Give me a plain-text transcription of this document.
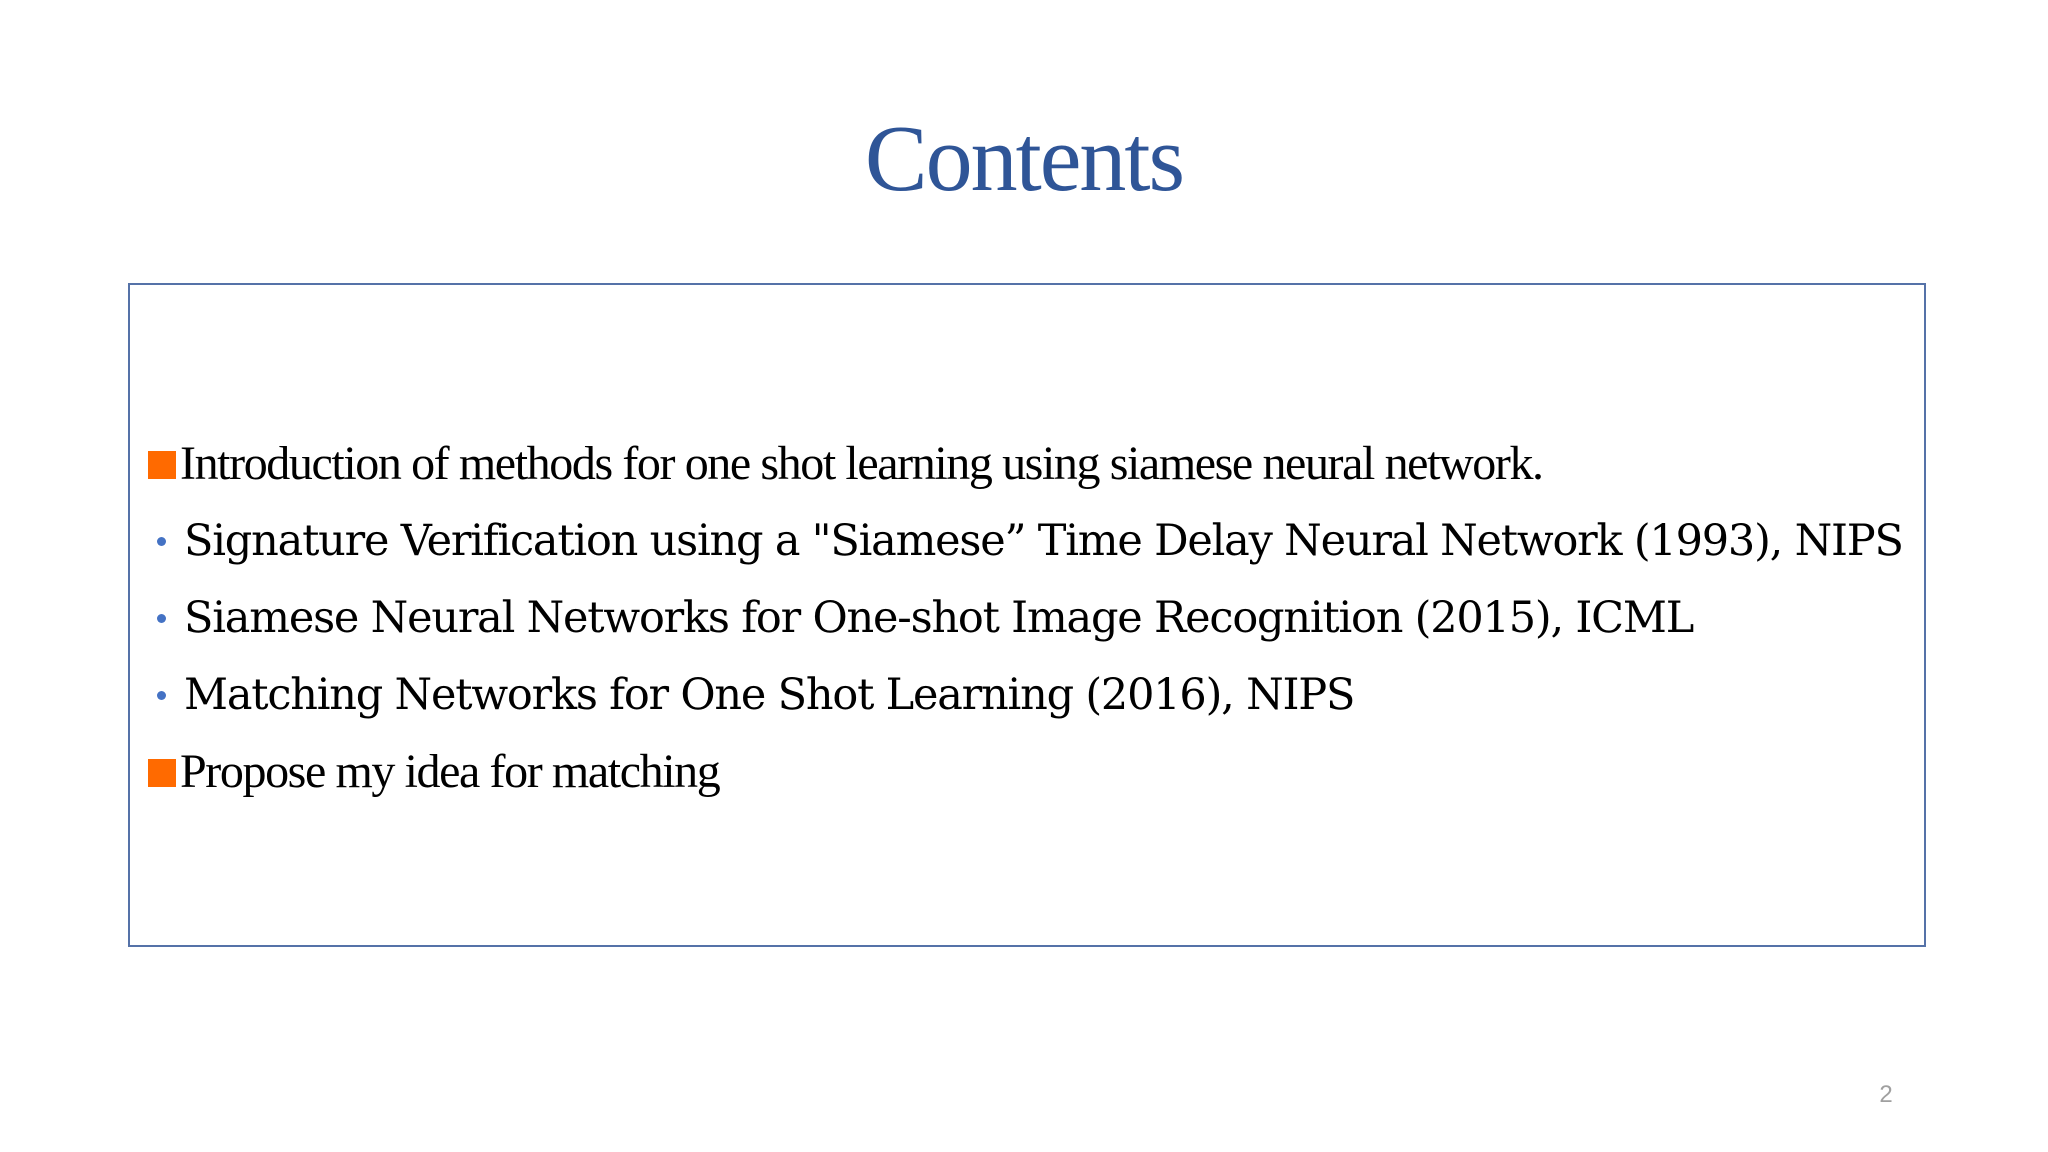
Contents
Introduction of methods for one shot learning using siamese neural network.
Signature Verification using a "Siamese” Time Delay Neural Network (1993), NIPS
Siamese Neural Networks for One-shot Image Recognition (2015), ICML
Matching Networks for One Shot Learning (2016), NIPS
Propose my idea for matching
2
